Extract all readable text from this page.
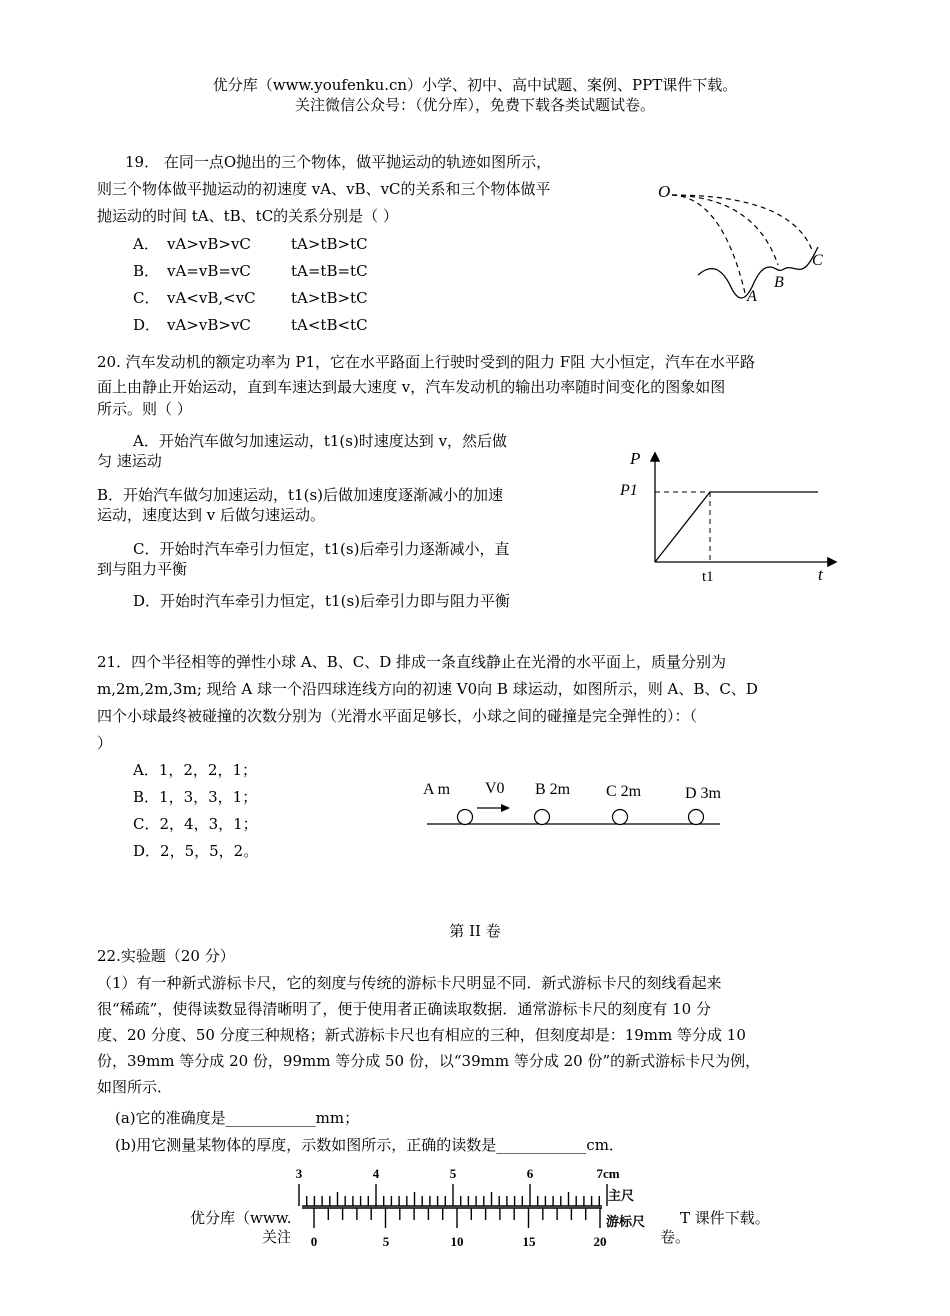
优分库（www.youfenku.cn）小学、初中、高中试题、案例、PPT课件下载。
关注微信公众号：（优分库），免费下载各类试题试卷。
19． 在同一点O抛出的三个物体，做平抛运动的轨迹如图所示，
则三个物体做平抛运动的初速度 vA、vB、vC的关系和三个物体做平
抛运动的时间 tA、tB、tC的关系分别是（ ）
A． vA>vB>vC	tA>tB>tC
B． vA=vB=vC	tA=tB=tC
C． vA<vB,<vC tA>tB>tC
D． vA>vB>vC	tA<tB<tC
O
A
B
C
20. 汽车发动机的额定功率为 P1，它在水平路面上行驶时受到的阻力 F阻 大小恒定，汽车在水平路
面上由静止开始运动，直到车速达到最大速度 v，汽车发动机的输出功率随时间变化的图象如图
所示。则（ ）
A．开始汽车做匀加速运动，t1(s)时速度达到 v，然后做
匀 速运动
B．开始汽车做匀加速运动，t1(s)后做加速度逐渐减小的加速
运动，速度达到 v 后做匀速运动。
C．开始时汽车牵引力恒定，t1(s)后牵引力逐渐减小，直
到与阻力平衡
D．开始时汽车牵引力恒定，t1(s)后牵引力即与阻力平衡
P
P1
t1	t
21．四个半径相等的弹性小球 A、B、C、D 排成一条直线静止在光滑的水平面上，质量分别为
m,2m,2m,3m; 现给 A 球一个沿四球连线方向的初速 V0向 B 球运动，如图所示，则 A、B、C、D
四个小球最终被碰撞的次数分别为（光滑水平面足够长，小球之间的碰撞是完全弹性的）：（
）
A．1，2，2，1；
B．1，3，3，1；
C．2，4，3，1；
D．2，5，5，2。
A m V0 B 2m C 2m	D 3m
第 II 卷
22.实验题（20 分）
（1）有一种新式游标卡尺，它的刻度与传统的游标卡尺明显不同．新式游标卡尺的刻线看起来
很“稀疏”，使得读数显得清晰明了，便于使用者正确读取数据．通常游标卡尺的刻度有 10 分
度、20 分度、50 分度三种规格；新式游标卡尺也有相应的三种，但刻度却是：19mm 等分成 10
份，39mm 等分成 20 份，99mm 等分成 50 份，以“39mm 等分成 20 份”的新式游标卡尺为例，
如图所示．
(a)它的准确度是____________mm；
(b)用它测量某物体的厚度，示数如图所示，正确的读数是____________cm．
优分库（www.	T 课件下载。
关注	卷。
3	4	5	6	7cm
主尺
游标尺
0	5	10	15	20
